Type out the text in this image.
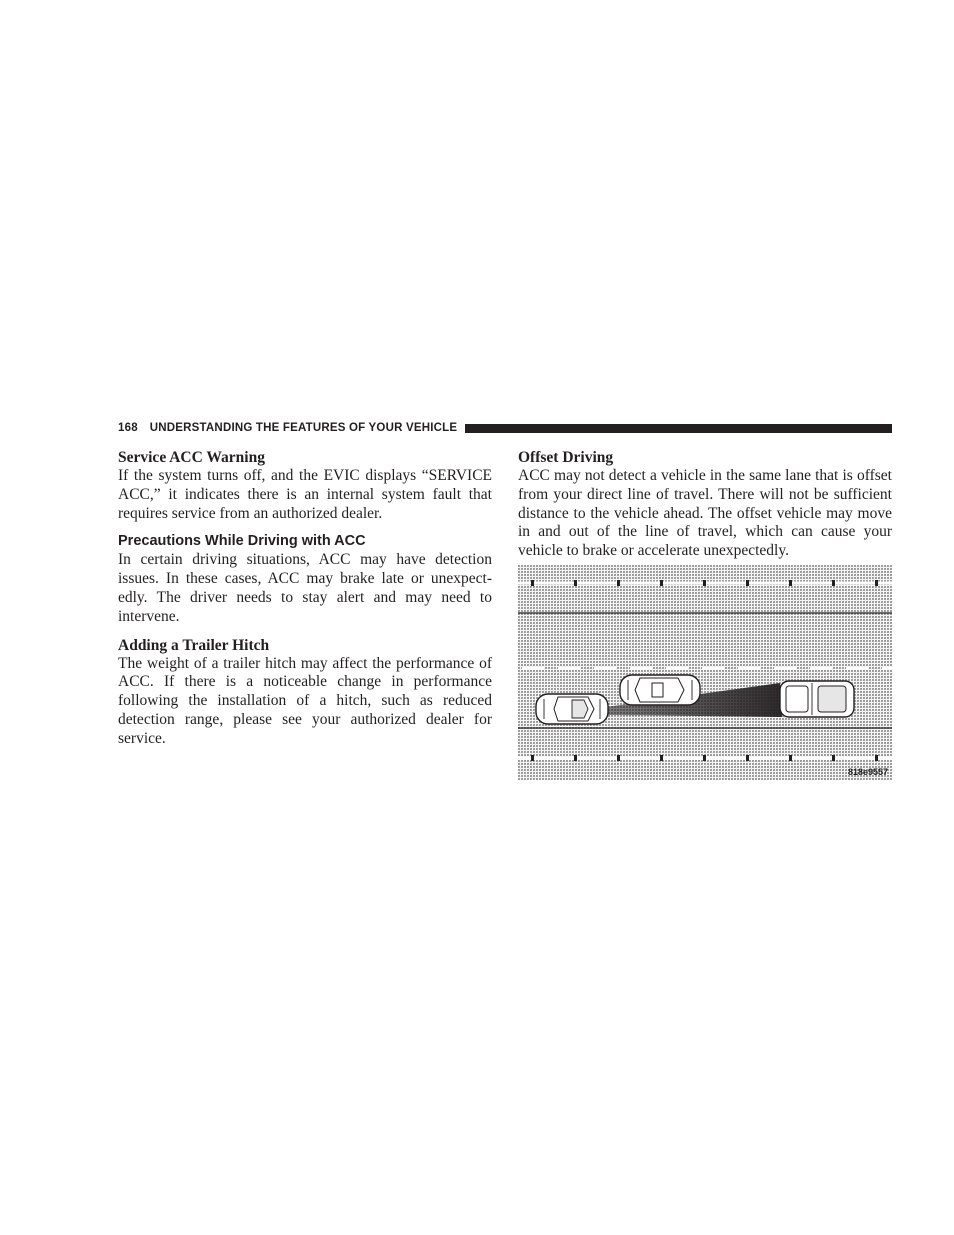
168 UNDERSTANDING THE FEATURES OF YOUR VEHICLE
Service ACC Warning

If the system turns off, and the EVIC displays “SERVICE ACC,” it indicates there is an internal system fault that requires service from an authorized dealer.

Precautions While Driving with ACC

In certain driving situations, ACC may have detection issues. In these cases, ACC may brake late or unexpect-edly. The driver needs to stay alert and may need to intervene.

Adding a Trailer Hitch

The weight of a trailer hitch may affect the performance of ACC. If there is a noticeable change in performance following the installation of a hitch, such as reduced detection range, please see your authorized dealer for service.

Offset Driving

ACC may not detect a vehicle in the same lane that is offset from your direct line of travel. There will not be sufficient distance to the vehicle ahead. The offset vehicle may move in and out of the line of travel, which can cause your vehicle to brake or accelerate unexpectedly.

818e9557
